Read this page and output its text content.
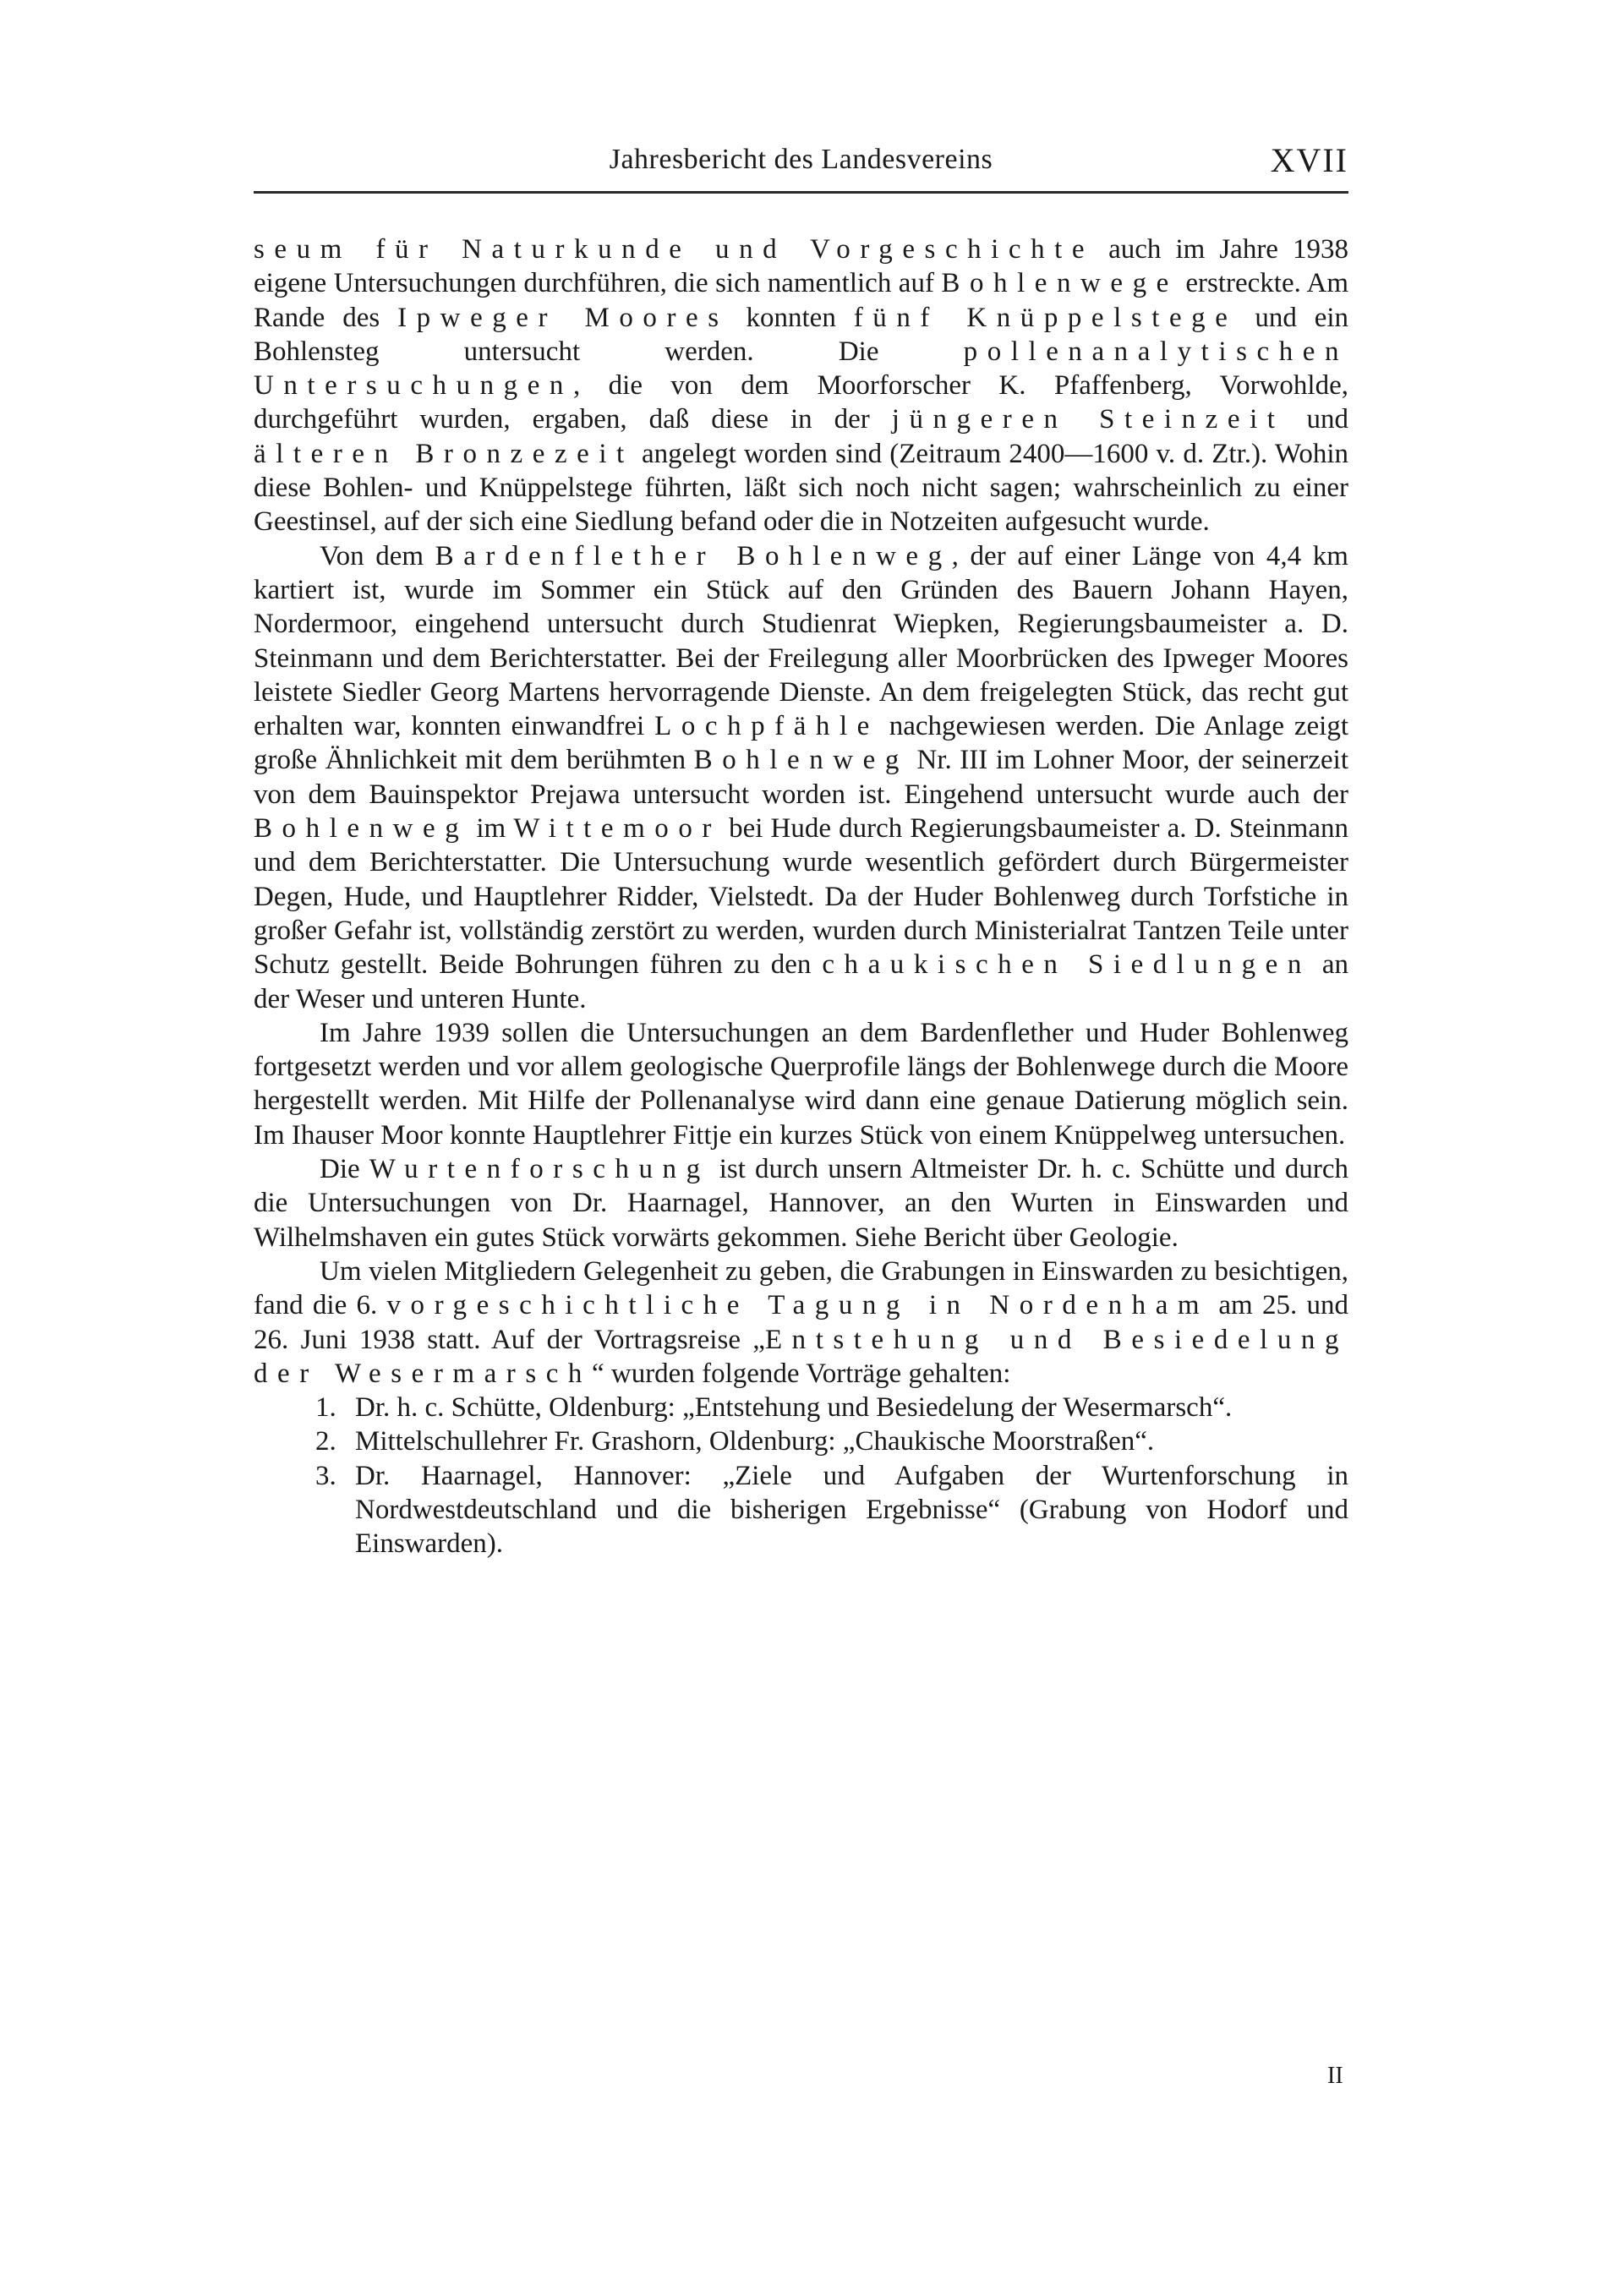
Jahresbericht des Landesvereins	XVII

seum für Naturkunde und Vorgeschichte auch im Jahre 1938 eigene Untersuchungen durchführen, die sich namentlich auf Bohlenwege erstreckte. Am Rande des Ipweger Moores konnten fünf Knüppelstege und ein Bohlensteg untersucht werden. Die pollenanalytischen Untersuchungen, die von dem Moorforscher K. Pfaffenberg, Vorwohlde, durchgeführt wurden, ergaben, daß diese in der jüngeren Steinzeit und älteren Bronzezeit angelegt worden sind (Zeitraum 2400—1600 v. d. Ztr.). Wohin diese Bohlen- und Knüppelstege führten, läßt sich noch nicht sagen; wahrscheinlich zu einer Geestinsel, auf der sich eine Siedlung befand oder die in Notzeiten aufgesucht wurde.

Von dem Bardenflether Bohlenweg, der auf einer Länge von 4,4 km kartiert ist, wurde im Sommer ein Stück auf den Gründen des Bauern Johann Hayen, Nordermoor, eingehend untersucht durch Studienrat Wiepken, Regierungsbaumeister a. D. Steinmann und dem Berichterstatter. Bei der Freilegung aller Moorbrücken des Ipweger Moores leistete Siedler Georg Martens hervorragende Dienste. An dem freigelegten Stück, das recht gut erhalten war, konnten einwandfrei Lochpfähle nachgewiesen werden. Die Anlage zeigt große Ähnlichkeit mit dem berühmten Bohlenweg Nr. III im Lohner Moor, der seinerzeit von dem Bauinspektor Prejawa untersucht worden ist. Eingehend untersucht wurde auch der Bohlenweg im Wittemoor bei Hude durch Regierungsbaumeister a. D. Steinmann und dem Berichterstatter. Die Untersuchung wurde wesentlich gefördert durch Bürgermeister Degen, Hude, und Hauptlehrer Ridder, Vielstedt. Da der Huder Bohlenweg durch Torfstiche in großer Gefahr ist, vollständig zerstört zu werden, wurden durch Ministerialrat Tantzen Teile unter Schutz gestellt. Beide Bohrungen führen zu den chaukischen Siedlungen an der Weser und unteren Hunte.

Im Jahre 1939 sollen die Untersuchungen an dem Bardenflether und Huder Bohlenweg fortgesetzt werden und vor allem geologische Querprofile längs der Bohlenwege durch die Moore hergestellt werden. Mit Hilfe der Pollenanalyse wird dann eine genaue Datierung möglich sein. Im Ihauser Moor konnte Hauptlehrer Fittje ein kurzes Stück von einem Knüppelweg untersuchen.

Die Wurtenforschung ist durch unsern Altmeister Dr. h. c. Schütte und durch die Untersuchungen von Dr. Haarnagel, Hannover, an den Wurten in Einswarden und Wilhelmshaven ein gutes Stück vorwärts gekommen. Siehe Bericht über Geologie.

Um vielen Mitgliedern Gelegenheit zu geben, die Grabungen in Einswarden zu besichtigen, fand die 6. vorgeschichtliche Tagung in Nordenham am 25. und 26. Juni 1938 statt. Auf der Vortragsreise „Entstehung und Besiedelung der Wesermarsch“ wurden folgende Vorträge gehalten:

1. Dr. h. c. Schütte, Oldenburg: „Entstehung und Besiedelung der Wesermarsch“.
2. Mittelschullehrer Fr. Grashorn, Oldenburg: „Chaukische Moorstraßen“.
3. Dr. Haarnagel, Hannover: „Ziele und Aufgaben der Wurtenforschung in Nordwestdeutschland und die bisherigen Ergebnisse“ (Grabung von Hodorf und Einswarden).
II
